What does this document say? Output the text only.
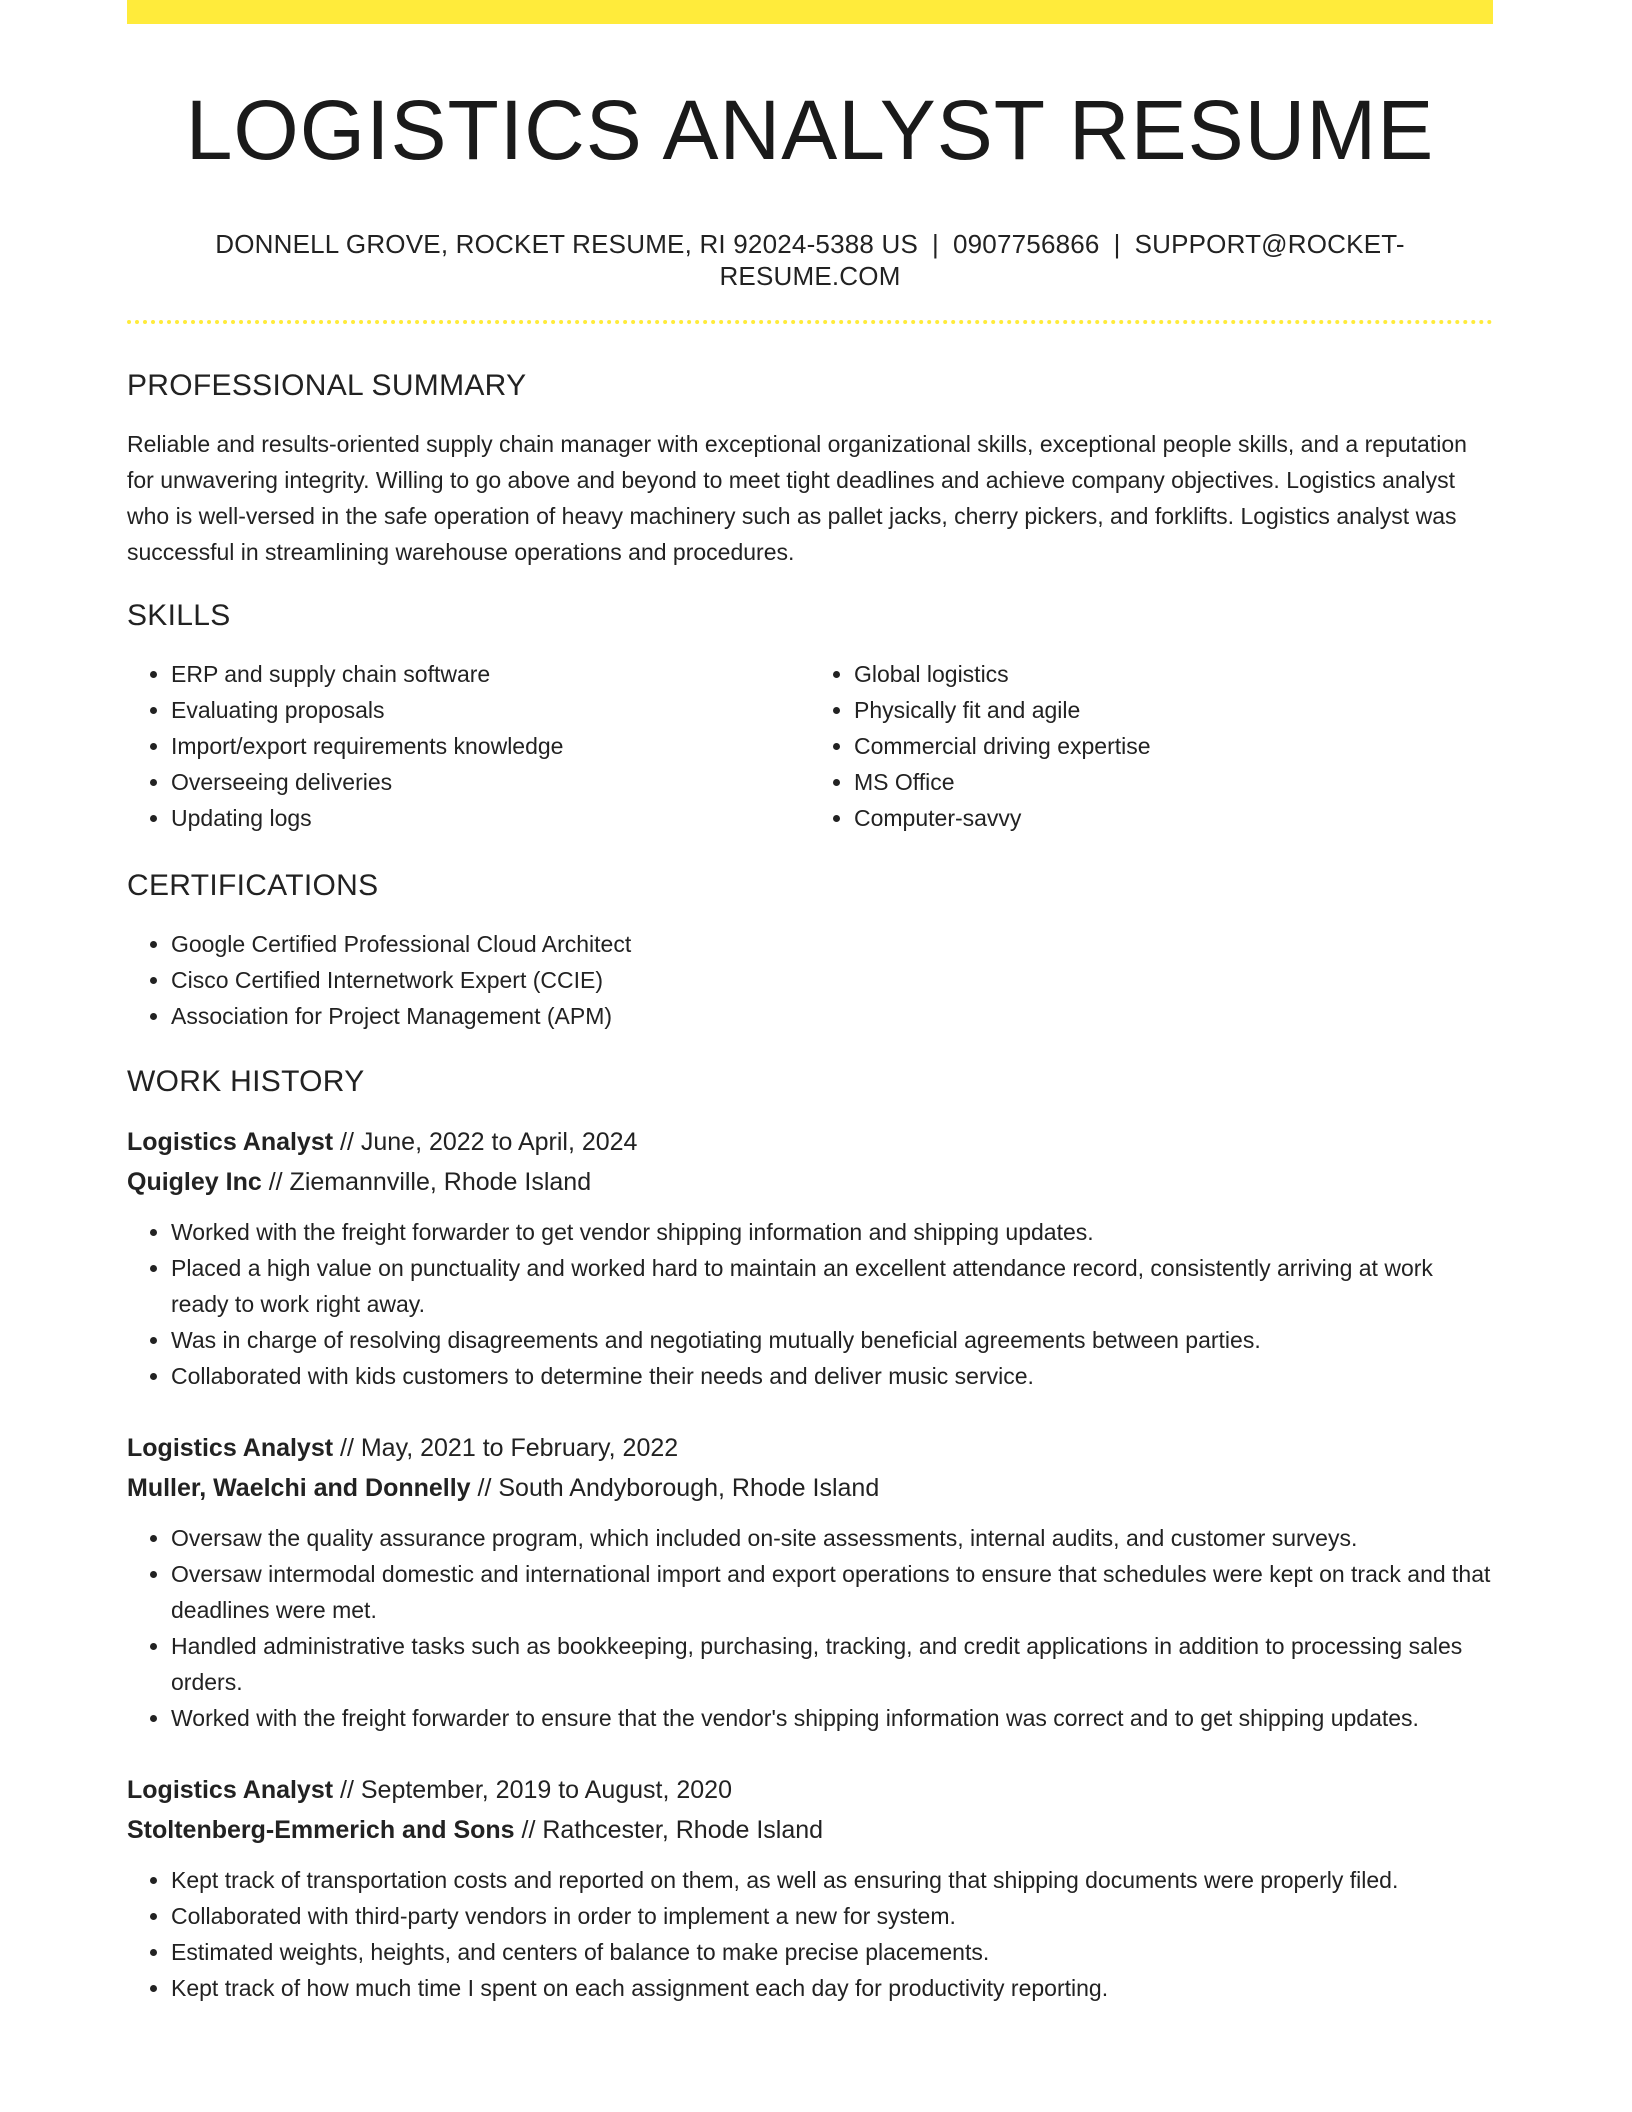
LOGISTICS ANALYST RESUME
DONNELL GROVE, ROCKET RESUME, RI 92024-5388 US | 0907756866 | SUPPORT@ROCKET-RESUME.COM
PROFESSIONAL SUMMARY

Reliable and results-oriented supply chain manager with exceptional organizational skills, exceptional people skills, and a reputation for unwavering integrity. Willing to go above and beyond to meet tight deadlines and achieve company objectives. Logistics analyst who is well-versed in the safe operation of heavy machinery such as pallet jacks, cherry pickers, and forklifts. Logistics analyst was successful in streamlining warehouse operations and procedures.

SKILLS
• ERP and supply chain software
• Evaluating proposals
• Import/export requirements knowledge
• Overseeing deliveries
• Updating logs
• Global logistics
• Physically fit and agile
• Commercial driving expertise
• MS Office
• Computer-savvy
CERTIFICATIONS
• Google Certified Professional Cloud Architect
• Cisco Certified Internetwork Expert (CCIE)
• Association for Project Management (APM)
WORK HISTORY
Logistics Analyst // June, 2022 to April, 2024
Quigley Inc // Ziemannville, Rhode Island
• Worked with the freight forwarder to get vendor shipping information and shipping updates.
• Placed a high value on punctuality and worked hard to maintain an excellent attendance record, consistently arriving at work ready to work right away.
• Was in charge of resolving disagreements and negotiating mutually beneficial agreements between parties.
• Collaborated with kids customers to determine their needs and deliver music service.
Logistics Analyst // May, 2021 to February, 2022
Muller, Waelchi and Donnelly // South Andyborough, Rhode Island
• Oversaw the quality assurance program, which included on-site assessments, internal audits, and customer surveys.
• Oversaw intermodal domestic and international import and export operations to ensure that schedules were kept on track and that deadlines were met.
• Handled administrative tasks such as bookkeeping, purchasing, tracking, and credit applications in addition to processing sales orders.
• Worked with the freight forwarder to ensure that the vendor's shipping information was correct and to get shipping updates.
Logistics Analyst // September, 2019 to August, 2020
Stoltenberg-Emmerich and Sons // Rathcester, Rhode Island
• Kept track of transportation costs and reported on them, as well as ensuring that shipping documents were properly filed.
• Collaborated with third-party vendors in order to implement a new for system.
• Estimated weights, heights, and centers of balance to make precise placements.
• Kept track of how much time I spent on each assignment each day for productivity reporting.
